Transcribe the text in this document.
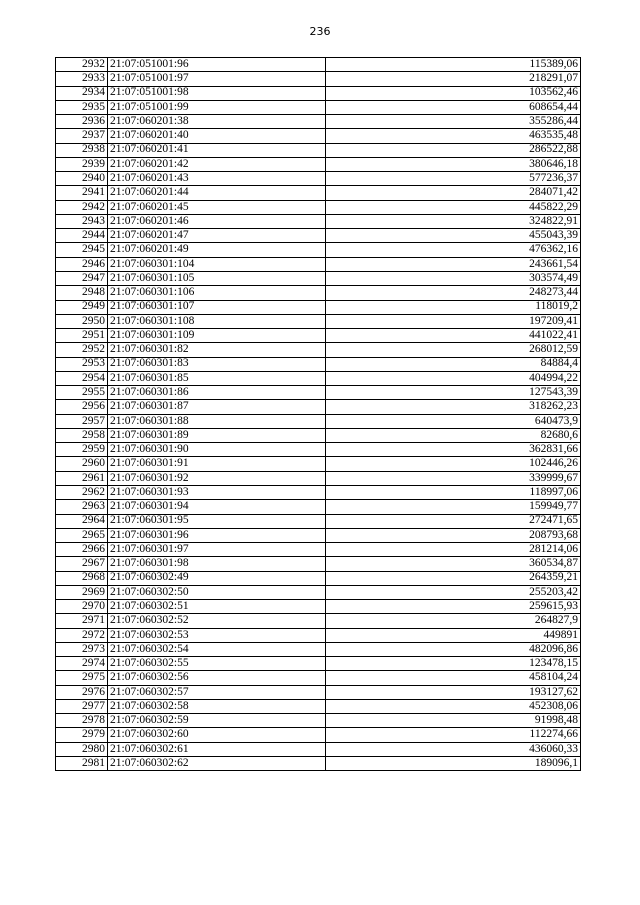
236
2932	21:07:051001:96	115389,06
2933	21:07:051001:97	218291,07
2934	21:07:051001:98	103562,46
2935	21:07:051001:99	608654,44
2936	21:07:060201:38	355286,44
2937	21:07:060201:40	463535,48
2938	21:07:060201:41	286522,88
2939	21:07:060201:42	380646,18
2940	21:07:060201:43	577236,37
2941	21:07:060201:44	284071,42
2942	21:07:060201:45	445822,29
2943	21:07:060201:46	324822,91
2944	21:07:060201:47	455043,39
2945	21:07:060201:49	476362,16
2946	21:07:060301:104	243661,54
2947	21:07:060301:105	303574,49
2948	21:07:060301:106	248273,44
2949	21:07:060301:107	118019,2
2950	21:07:060301:108	197209,41
2951	21:07:060301:109	441022,41
2952	21:07:060301:82	268012,59
2953	21:07:060301:83	84884,4
2954	21:07:060301:85	404994,22
2955	21:07:060301:86	127543,39
2956	21:07:060301:87	318262,23
2957	21:07:060301:88	640473,9
2958	21:07:060301:89	82680,6
2959	21:07:060301:90	362831,66
2960	21:07:060301:91	102446,26
2961	21:07:060301:92	339999,67
2962	21:07:060301:93	118997,06
2963	21:07:060301:94	159949,77
2964	21:07:060301:95	272471,65
2965	21:07:060301:96	208793,68
2966	21:07:060301:97	281214,06
2967	21:07:060301:98	360534,87
2968	21:07:060302:49	264359,21
2969	21:07:060302:50	255203,42
2970	21:07:060302:51	259615,93
2971	21:07:060302:52	264827,9
2972	21:07:060302:53	449891
2973	21:07:060302:54	482096,86
2974	21:07:060302:55	123478,15
2975	21:07:060302:56	458104,24
2976	21:07:060302:57	193127,62
2977	21:07:060302:58	452308,06
2978	21:07:060302:59	91998,48
2979	21:07:060302:60	112274,66
2980	21:07:060302:61	436060,33
2981	21:07:060302:62	189096,1
